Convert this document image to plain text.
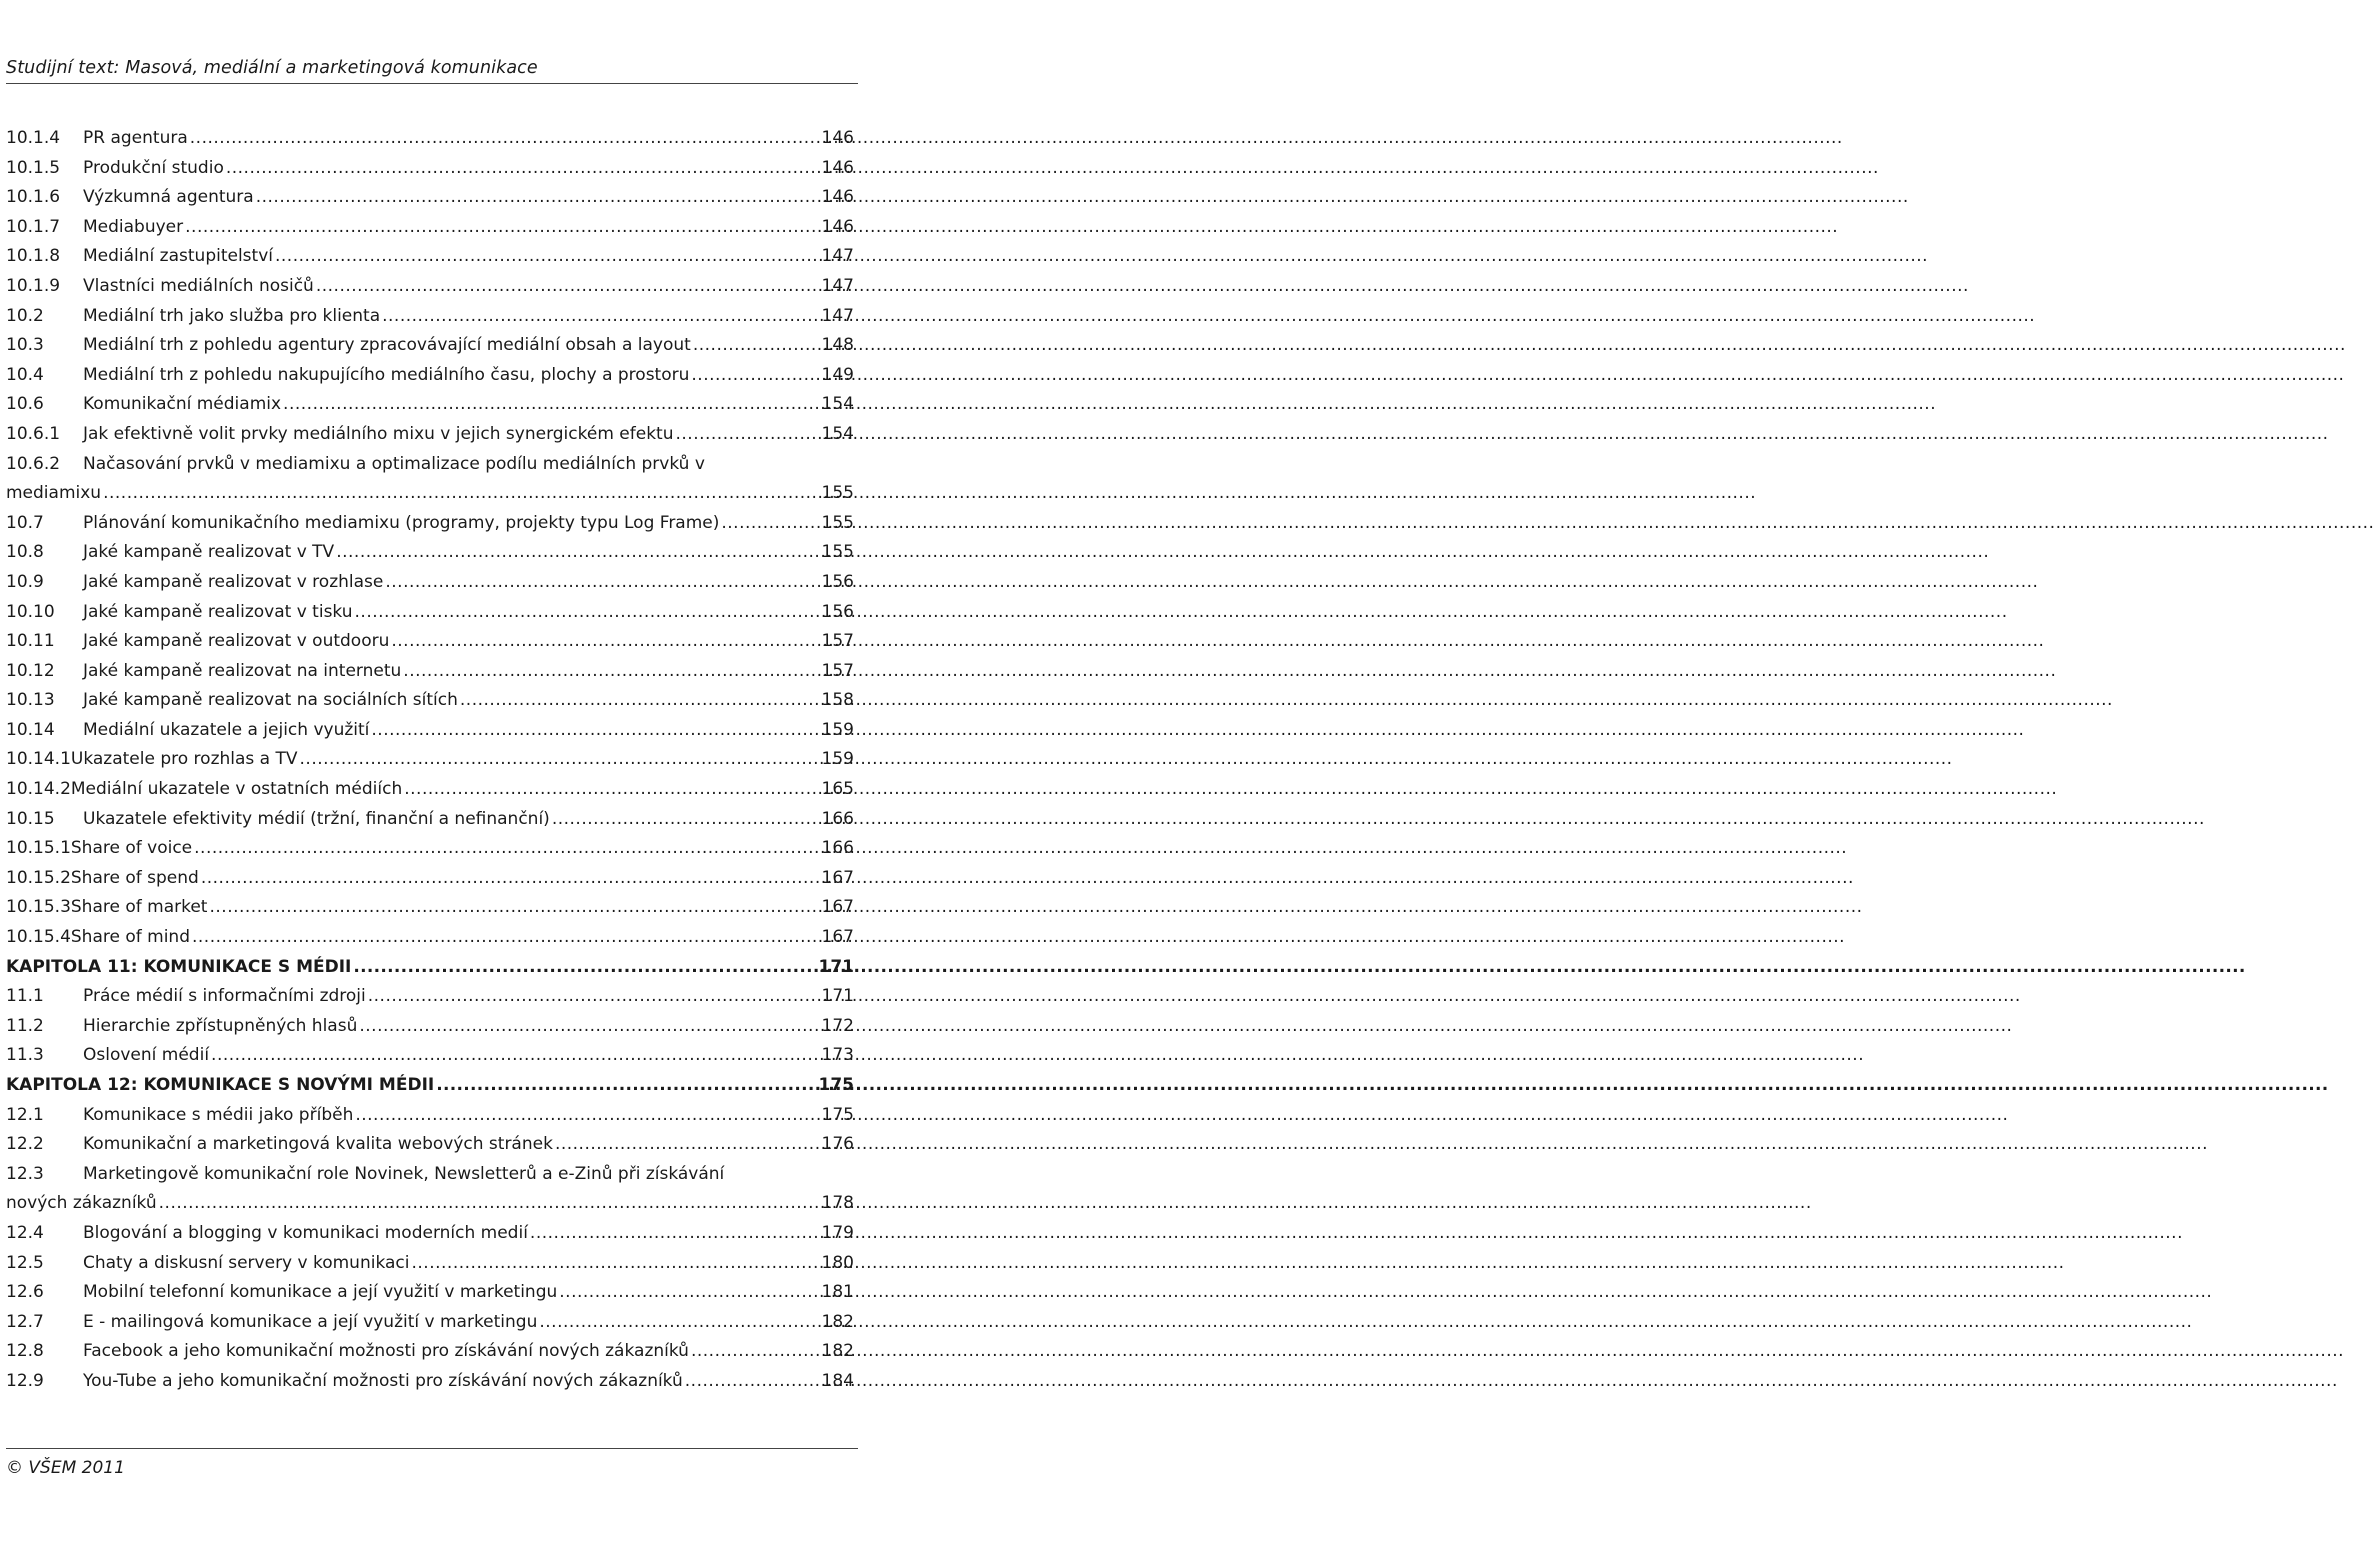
Studijní text: Masová, mediální a marketingová komunikace
10.1.4	PR agentura .....	146
10.1.5	Produkční studio .....	146
10.1.6	Výzkumná agentura .....	146
10.1.7	Mediabuyer .....	146
10.1.8	Mediální zastupitelství .....	147
10.1.9	Vlastníci mediálních nosičů .....	147
10.2	Mediální trh jako služba pro klienta .....	147
10.3	Mediální trh z pohledu agentury zpracovávající mediální obsah a layout .....	148
10.4	Mediální trh z pohledu nakupujícího mediálního času, plochy a prostoru .....	149
10.6	Komunikační médiamix .....	154
10.6.1	Jak efektivně volit prvky mediálního mixu v jejich synergickém efektu .....	154
10.6.2	Načasování prvků v mediamixu a optimalizace podílu mediálních prvků v
mediamixu .....	155
10.7	Plánování komunikačního mediamixu (programy, projekty typu Log Frame) .....	155
10.8	Jaké kampaně realizovat v TV .....	155
10.9	Jaké kampaně realizovat v rozhlase .....	156
10.10	Jaké kampaně realizovat v tisku .....	156
10.11	Jaké kampaně realizovat v outdooru .....	157
10.12	Jaké kampaně realizovat na internetu .....	157
10.13	Jaké kampaně realizovat na sociálních sítích .....	158
10.14	Mediální ukazatele a jejich využití .....	159
10.14.1 Ukazatele pro rozhlas a TV .....	159
10.14.2 Mediální ukazatele v ostatních médiích .....	165
10.15	Ukazatele efektivity médií (tržní, finanční a nefinanční) .....	166
10.15.1 Share of voice .....	166
10.15.2 Share of spend .....	167
10.15.3 Share of market .....	167
10.15.4 Share of mind .....	167
KAPITOLA 11: KOMUNIKACE S MÉDII .....	171
11.1	Práce médií s informačními zdroji .....	171
11.2	Hierarchie zpřístupněných hlasů .....	172
11.3	Oslovení médií .....	173
KAPITOLA 12: KOMUNIKACE S NOVÝMI MÉDII .....	175
12.1	Komunikace s médii jako příběh .....	175
12.2	Komunikační a marketingová kvalita webových stránek .....	176
12.3	Marketingově komunikační role Novinek, Newsletterů a e-Zinů při získávání
nových zákazníků .....	178
12.4	Blogování a blogging v komunikaci moderních medií .....	179
12.5	Chaty a diskusní servery v komunikaci .....	180
12.6	Mobilní telefonní komunikace a její využití v marketingu .....	181
12.7	E - mailingová komunikace a její využití v marketingu .....	182
12.8	Facebook a jeho komunikační možnosti pro získávání nových zákazníků .....	182
12.9	You-Tube a jeho komunikační možnosti pro získávání nových zákazníků .....	184
© VŠEM 2011
